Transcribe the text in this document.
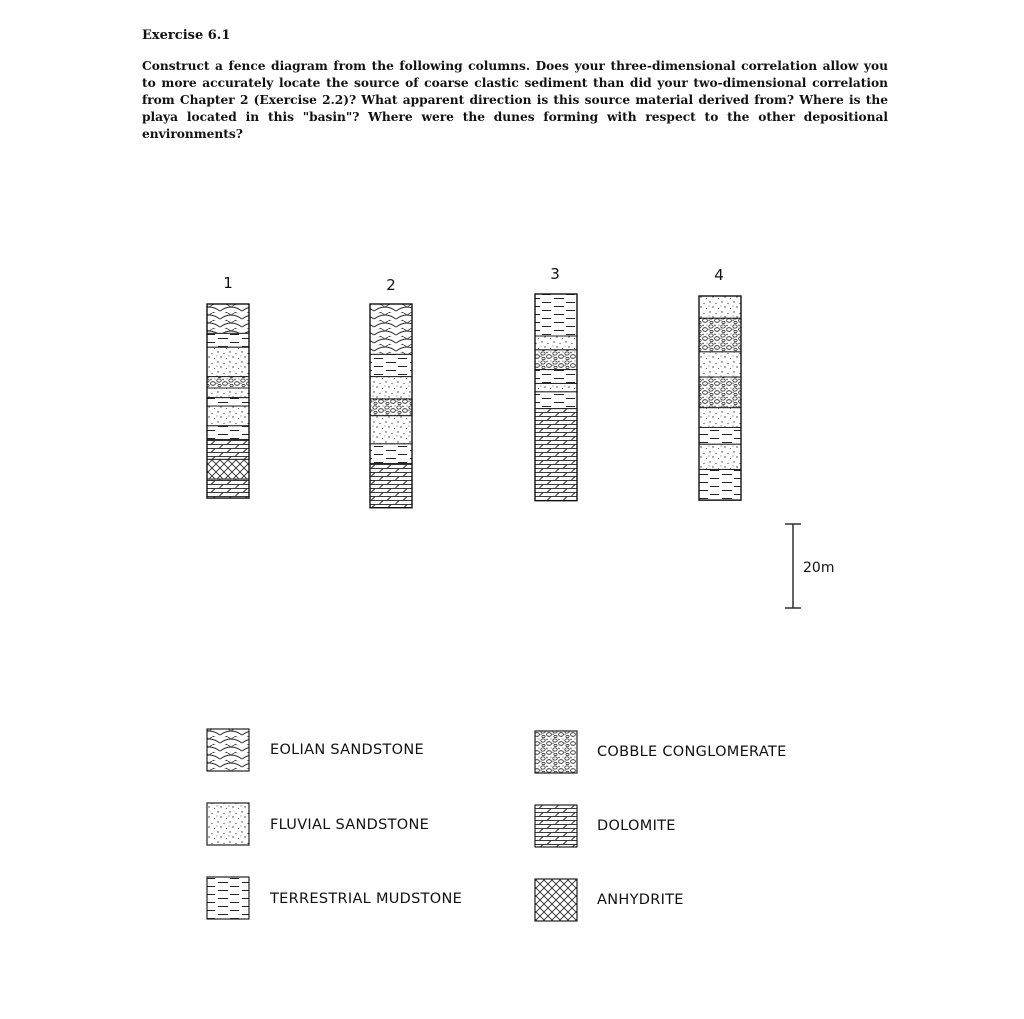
Exercise 6.1

Construct a fence diagram from the following columns. Does your three-dimensional correlation allow you to more accurately locate the source of coarse clastic sediment than did your two-dimensional correlation from Chapter 2 (Exercise 2.2)? What apparent direction is this source material derived from? Where is the playa located in this "basin"? Where were the dunes forming with respect to the other depositional environments?

1	2
3	4
20m
EOLIAN SANDSTONE
FLUVIAL SANDSTONE
TERRESTRIAL MUDSTONE
COBBLE CONGLOMERATE
DOLOMITE
ANHYDRITE
